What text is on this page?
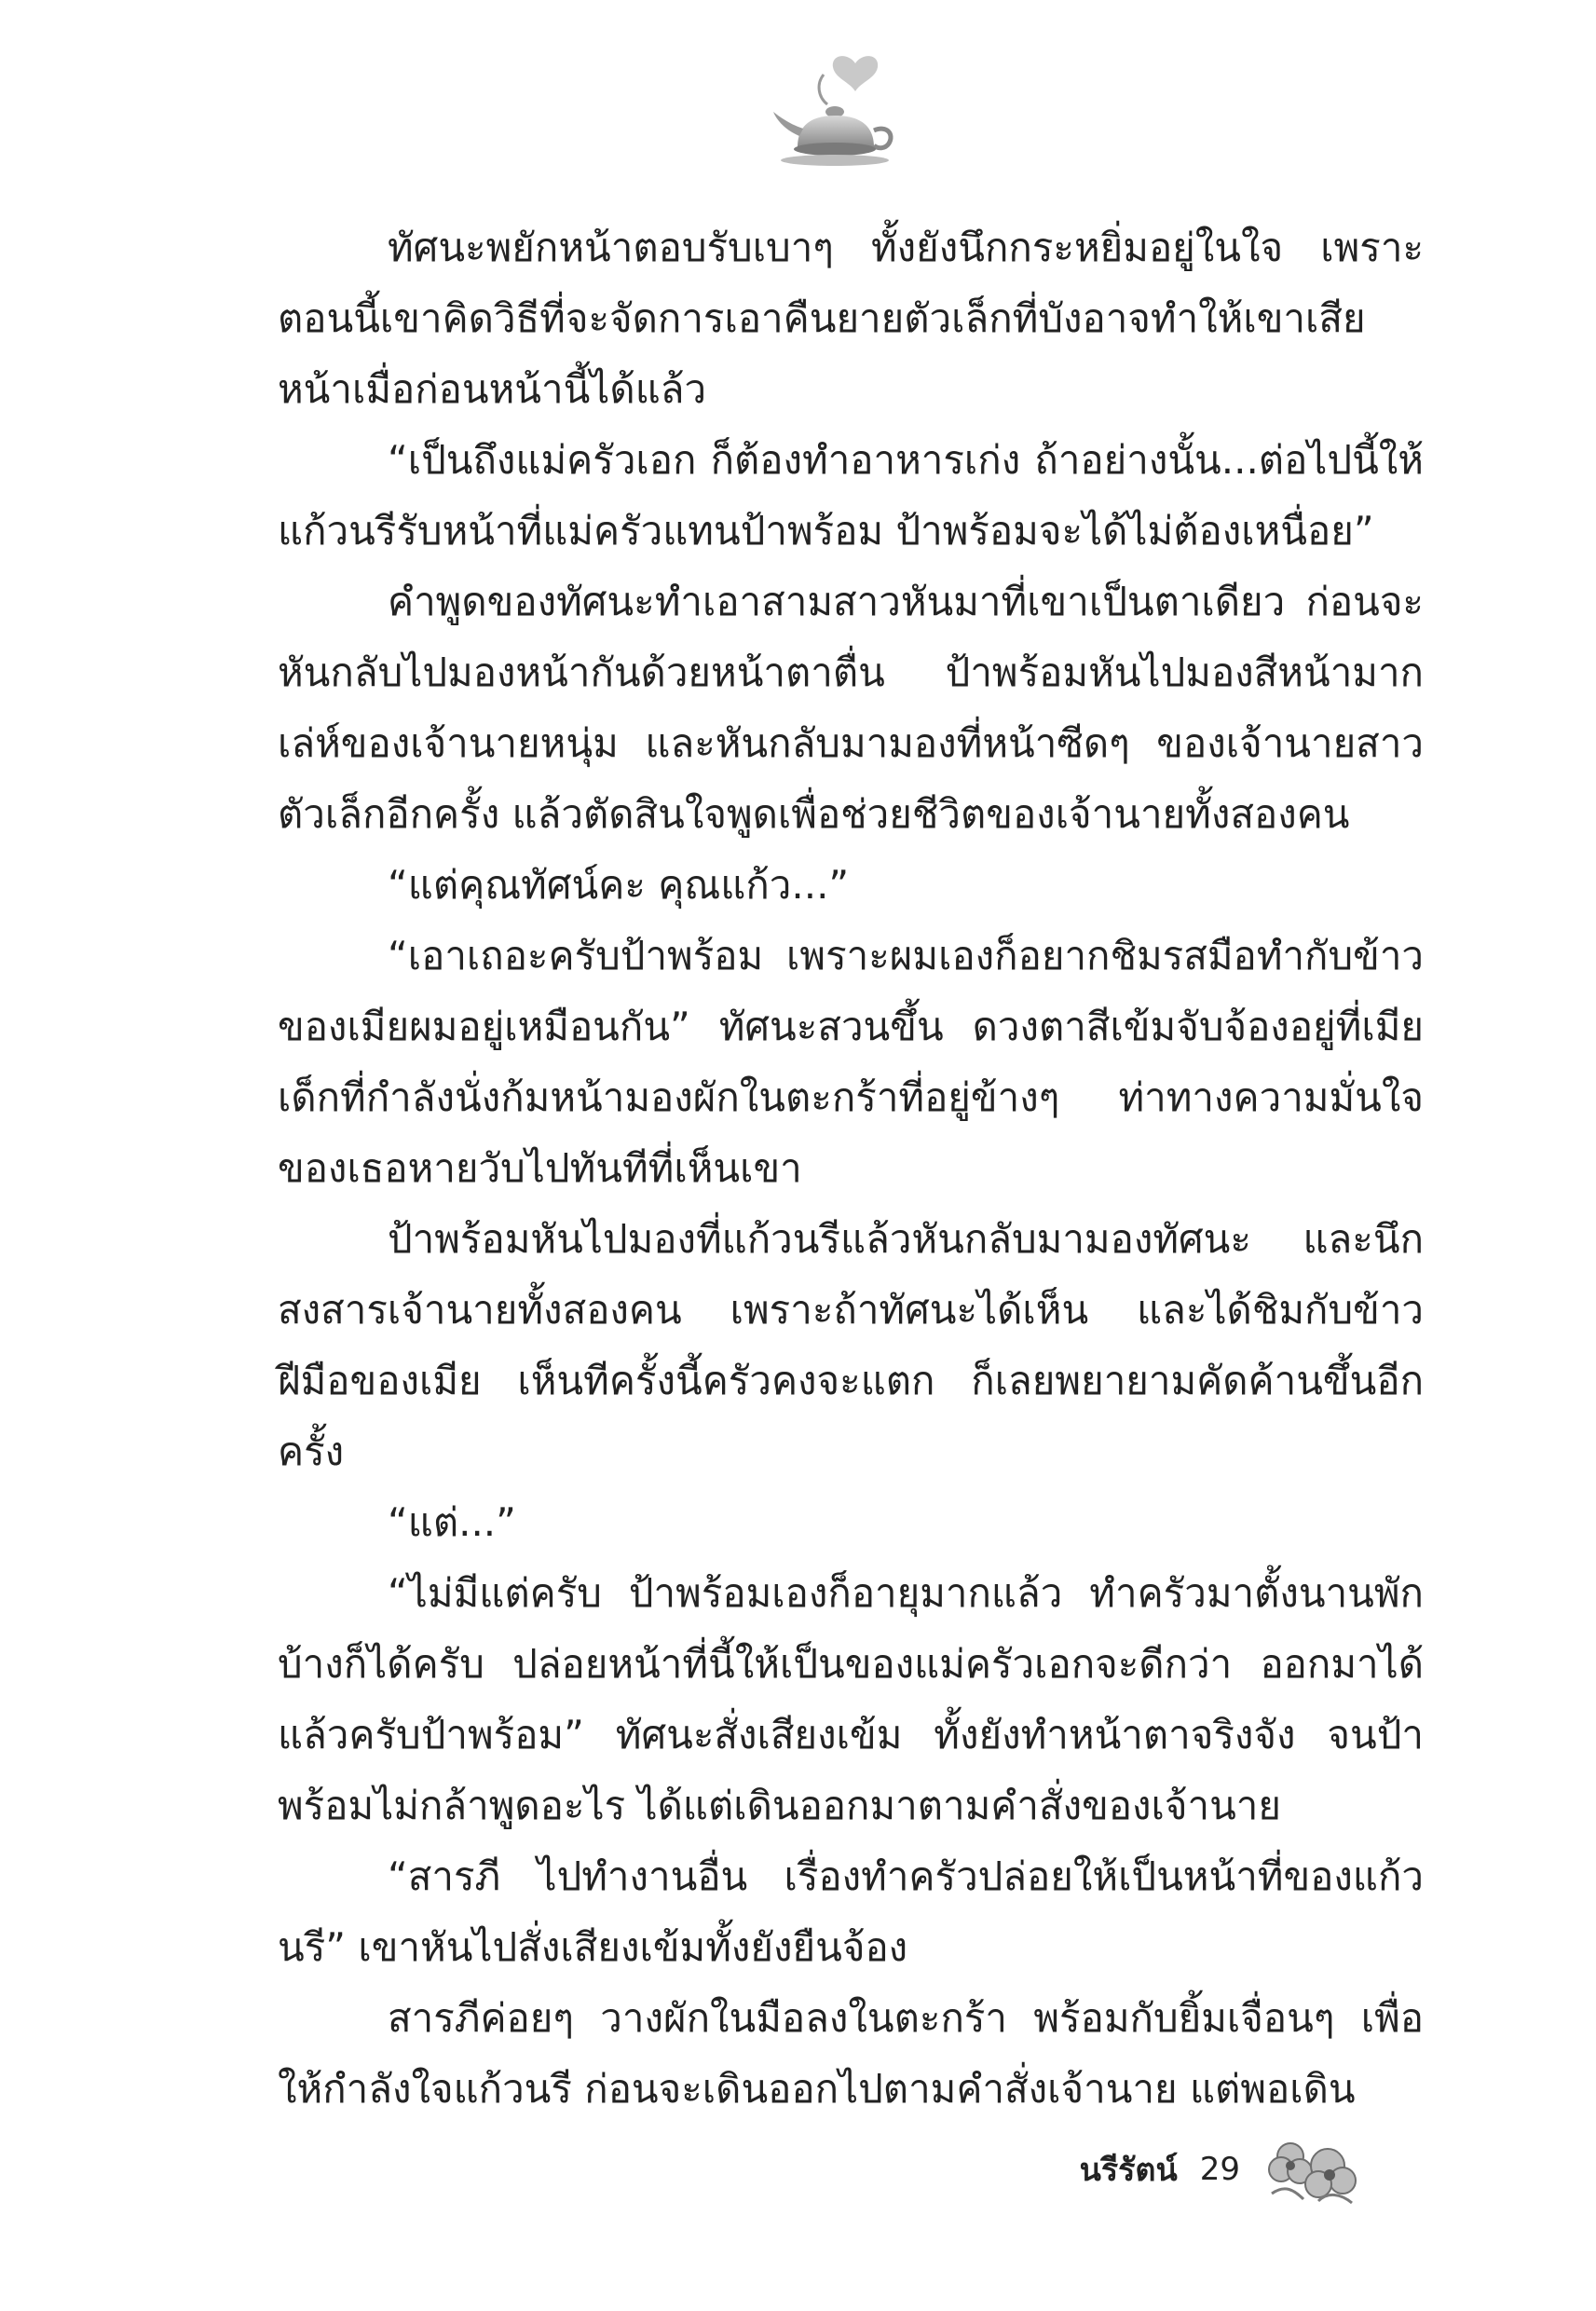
ทัศนะพยักหน้าตอบรับเบาๆ ทั้งยังนึกกระหยิ่มอยู่ในใจ เพราะตอนนี้เขาคิดวิธีที่จะจัดการเอาคืนยายตัวเล็กที่บังอาจทำให้เขาเสียหน้าเมื่อก่อนหน้านี้ได้แล้ว

“เป็นถึงแม่ครัวเอก ก็ต้องทำอาหารเก่ง ถ้าอย่างนั้น...ต่อไปนี้ให้แก้วนรีรับหน้าที่แม่ครัวแทนป้าพร้อม ป้าพร้อมจะได้ไม่ต้องเหนื่อย”

คำพูดของทัศนะทำเอาสามสาวหันมาที่เขาเป็นตาเดียว ก่อนจะหันกลับไปมองหน้ากันด้วยหน้าตาตื่น ป้าพร้อมหันไปมองสีหน้ามากเล่ห์ของเจ้านายหนุ่ม และหันกลับมามองที่หน้าซีดๆ ของเจ้านายสาวตัวเล็กอีกครั้ง แล้วตัดสินใจพูดเพื่อช่วยชีวิตของเจ้านายทั้งสองคน

“แต่คุณทัศน์คะ คุณแก้ว...”

“เอาเถอะครับป้าพร้อม เพราะผมเองก็อยากชิมรสมือทำกับข้าวของเมียผมอยู่เหมือนกัน” ทัศนะสวนขึ้น ดวงตาสีเข้มจับจ้องอยู่ที่เมียเด็กที่กำลังนั่งก้มหน้ามองผักในตะกร้าที่อยู่ข้างๆ ท่าทางความมั่นใจของเธอหายวับไปทันทีที่เห็นเขา

ป้าพร้อมหันไปมองที่แก้วนรีแล้วหันกลับมามองทัศนะ และนึกสงสารเจ้านายทั้งสองคน เพราะถ้าทัศนะได้เห็น และได้ชิมกับข้าวฝีมือของเมีย เห็นทีครั้งนี้ครัวคงจะแตก ก็เลยพยายามคัดค้านขึ้นอีกครั้ง

“แต่...”

“ไม่มีแต่ครับ ป้าพร้อมเองก็อายุมากแล้ว ทำครัวมาตั้งนานพักบ้างก็ได้ครับ ปล่อยหน้าที่นี้ให้เป็นของแม่ครัวเอกจะดีกว่า ออกมาได้แล้วครับป้าพร้อม” ทัศนะสั่งเสียงเข้ม ทั้งยังทำหน้าตาจริงจัง จนป้าพร้อมไม่กล้าพูดอะไร ได้แต่เดินออกมาตามคำสั่งของเจ้านาย

“สารภี ไปทำงานอื่น เรื่องทำครัวปล่อยให้เป็นหน้าที่ของแก้วนรี” เขาหันไปสั่งเสียงเข้มทั้งยังยืนจ้อง

สารภีค่อยๆ วางผักในมือลงในตะกร้า พร้อมกับยิ้มเจื่อนๆ เพื่อให้กำลังใจแก้วนรี ก่อนจะเดินออกไปตามคำสั่งเจ้านาย แต่พอเดิน

นรีรัตน์ 29
